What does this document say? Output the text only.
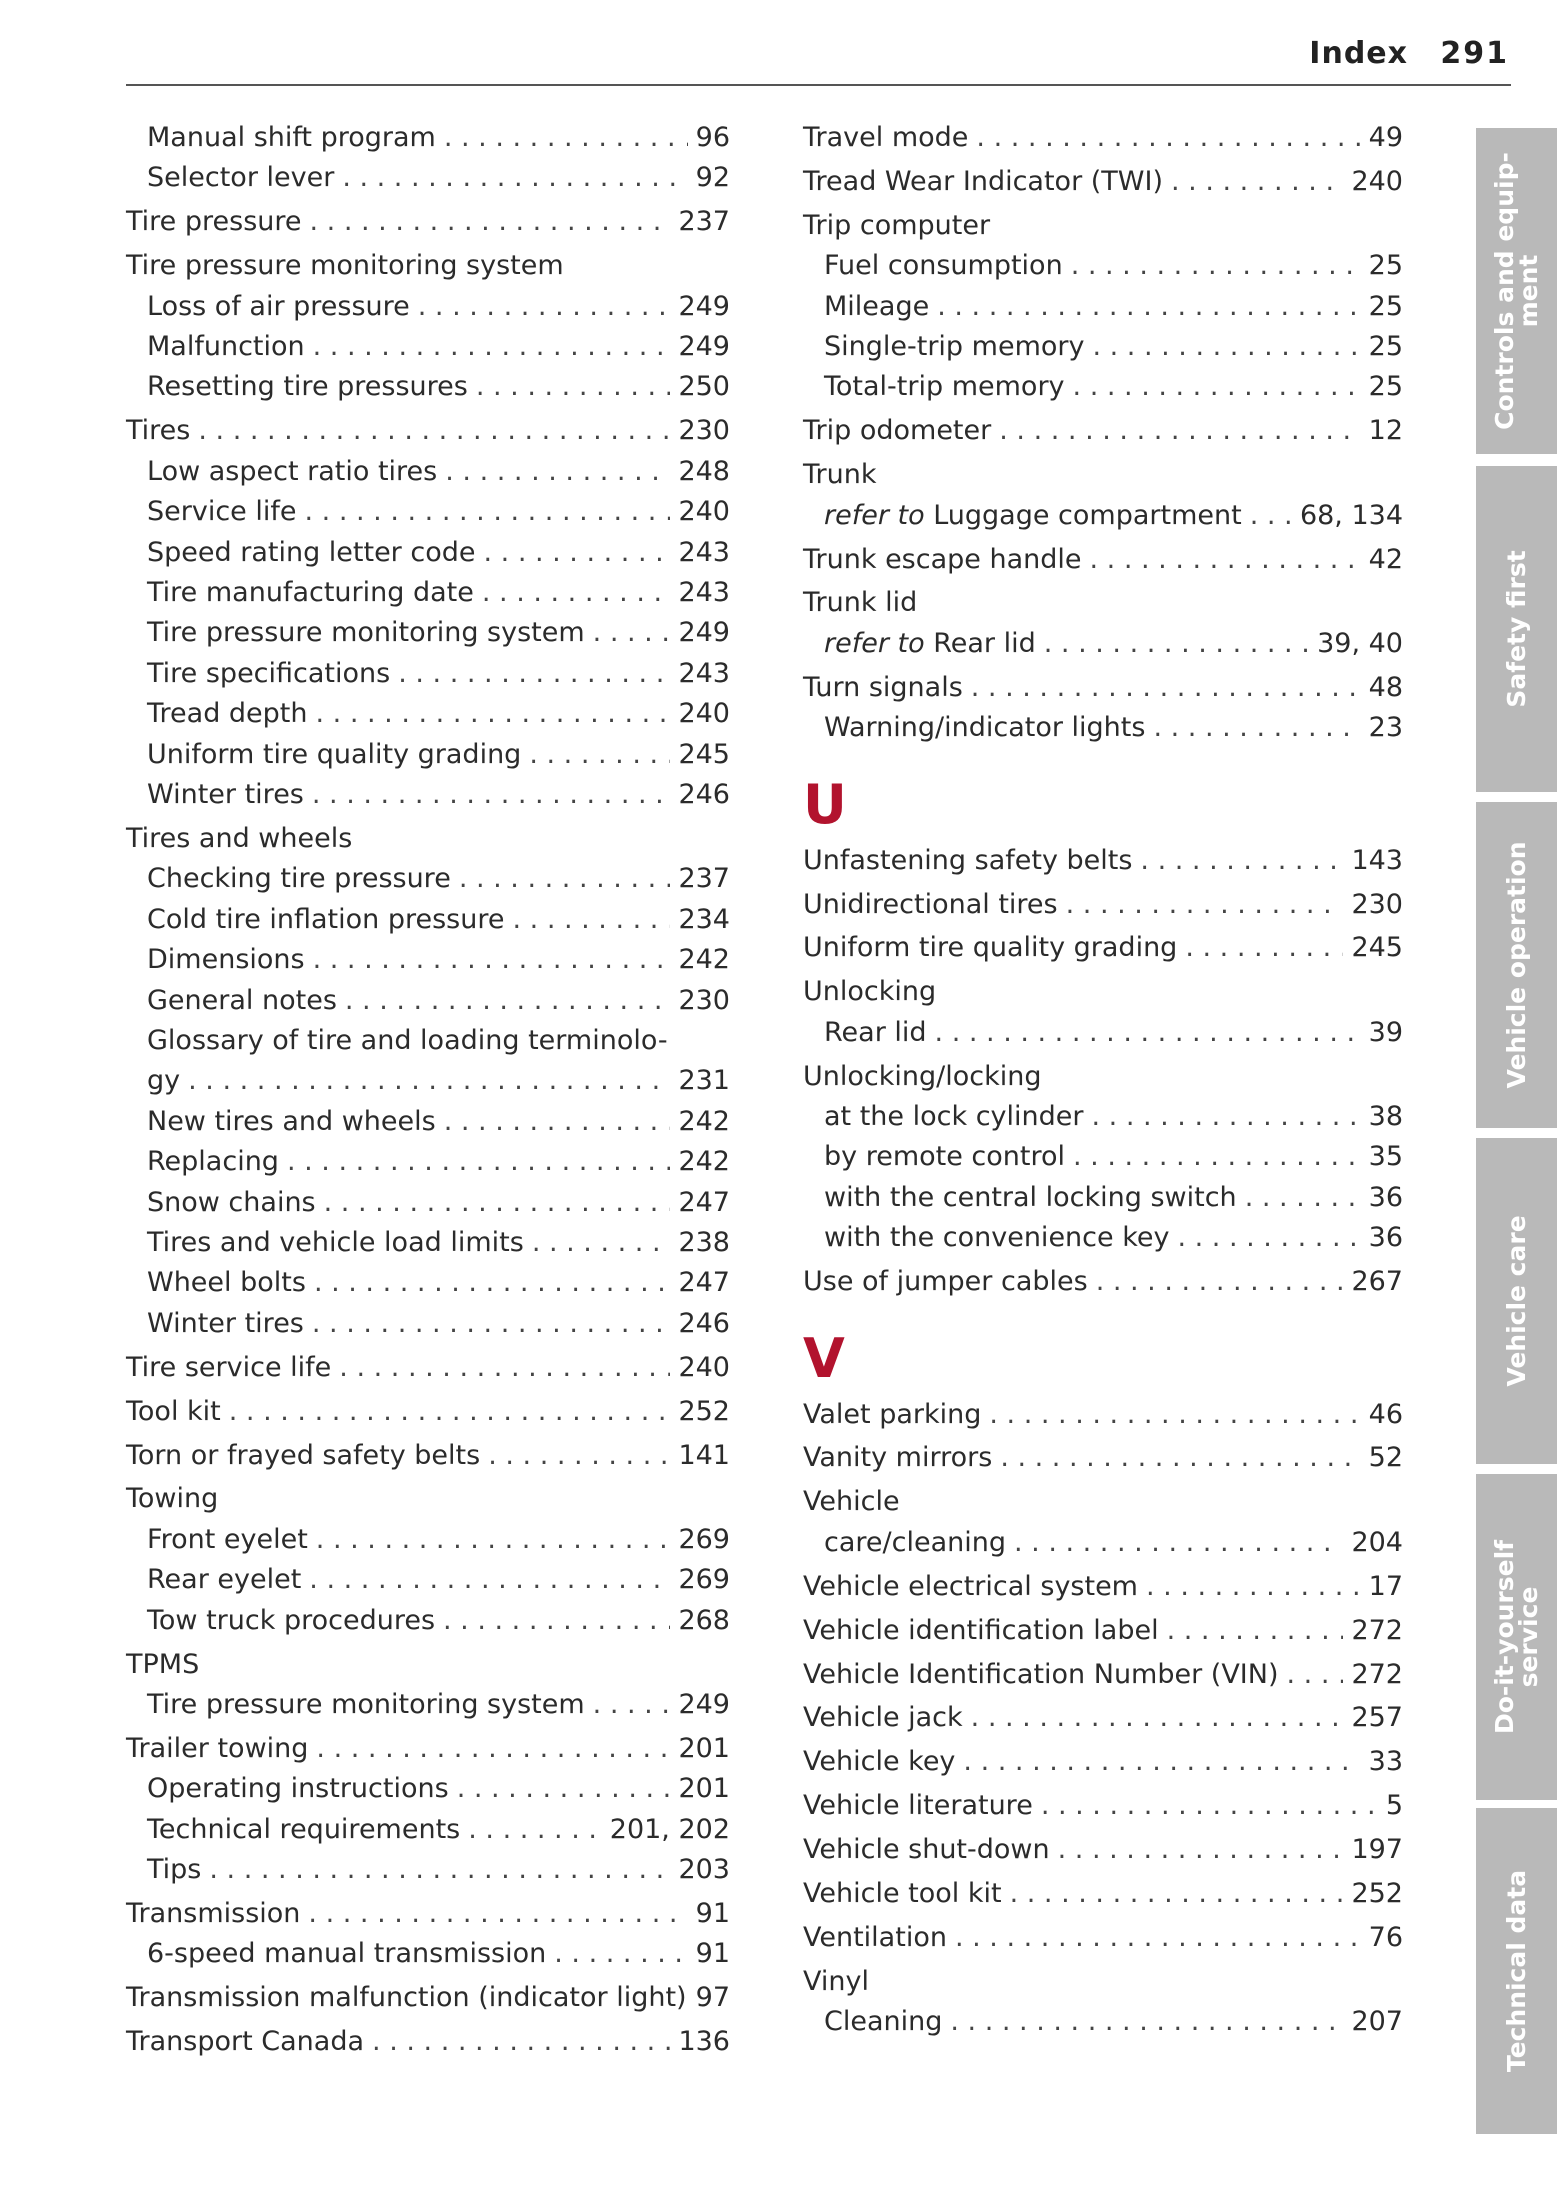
Index 291
Manual shift program . . .	96
Selector lever . . .	92
Tire pressure . . .	237
Tire pressure monitoring system
Loss of air pressure . . .	249
Malfunction . . .	249
Resetting tire pressures . . .	250
Tires . . .	230
Low aspect ratio tires . . .	248
Service life . . .	240
Speed rating letter code . . .	243
Tire manufacturing date . . .	243
Tire pressure monitoring system . . .	249
Tire specifications . . .	243
Tread depth . . .	240
Uniform tire quality grading . . .	245
Winter tires . . .	246
Tires and wheels
Checking tire pressure . . .	237
Cold tire inflation pressure . . .	234
Dimensions . . .	242
General notes . . .	230
Glossary of tire and loading terminolo-
gy . . .	231
New tires and wheels . . .	242
Replacing . . .	242
Snow chains . . .	247
Tires and vehicle load limits . . .	238
Wheel bolts . . .	247
Winter tires . . .	246
Tire service life . . .	240
Tool kit . . .	252
Torn or frayed safety belts . . .	141
Towing
Front eyelet . . .	269
Rear eyelet . . .	269
Tow truck procedures . . .	268
TPMS
Tire pressure monitoring system . . .	249
Trailer towing . . .	201
Operating instructions . . .	201
Technical requirements . . .	201, 202
Tips . . .	203
Transmission . . .	91
6-speed manual transmission . . .	91
Transmission malfunction (indicator light) 97
Transport Canada . . .	136
Travel mode . . .	49
Tread Wear Indicator (TWI) . . .	240
Trip computer
Fuel consumption . . .	25
Mileage . . .	25
Single-trip memory . . .	25
Total-trip memory . . .	25
Trip odometer . . .	12
Trunk
refer to Luggage compartment . . . 68, 134
Trunk escape handle . . .	42
Trunk lid
refer to Rear lid . . .	39, 40
Turn signals . . .	48
Warning/indicator lights . . .	23
U
Unfastening safety belts . . .	143
Unidirectional tires . . .	230
Uniform tire quality grading . . .	245
Unlocking
Rear lid . . .	39
Unlocking/locking
at the lock cylinder . . .	38
by remote control . . .	35
with the central locking switch . . .	36
with the convenience key . . .	36
Use of jumper cables . . .	267
V
Valet parking . . .	46
Vanity mirrors . . .	52
Vehicle
care/cleaning . . .	204
Vehicle electrical system . . .	17
Vehicle identification label . . .	272
Vehicle Identification Number (VIN) . . .	272
Vehicle jack . . .	257
Vehicle key . . .	33
Vehicle literature . . .	5
Vehicle shut-down . . .	197
Vehicle tool kit . . .	252
Ventilation . . .	76
Vinyl
Cleaning . . .	207
Controls and equip-
ment
Safety first
Vehicle operation
Vehicle care
Do-it-yourself
service
Technical data
